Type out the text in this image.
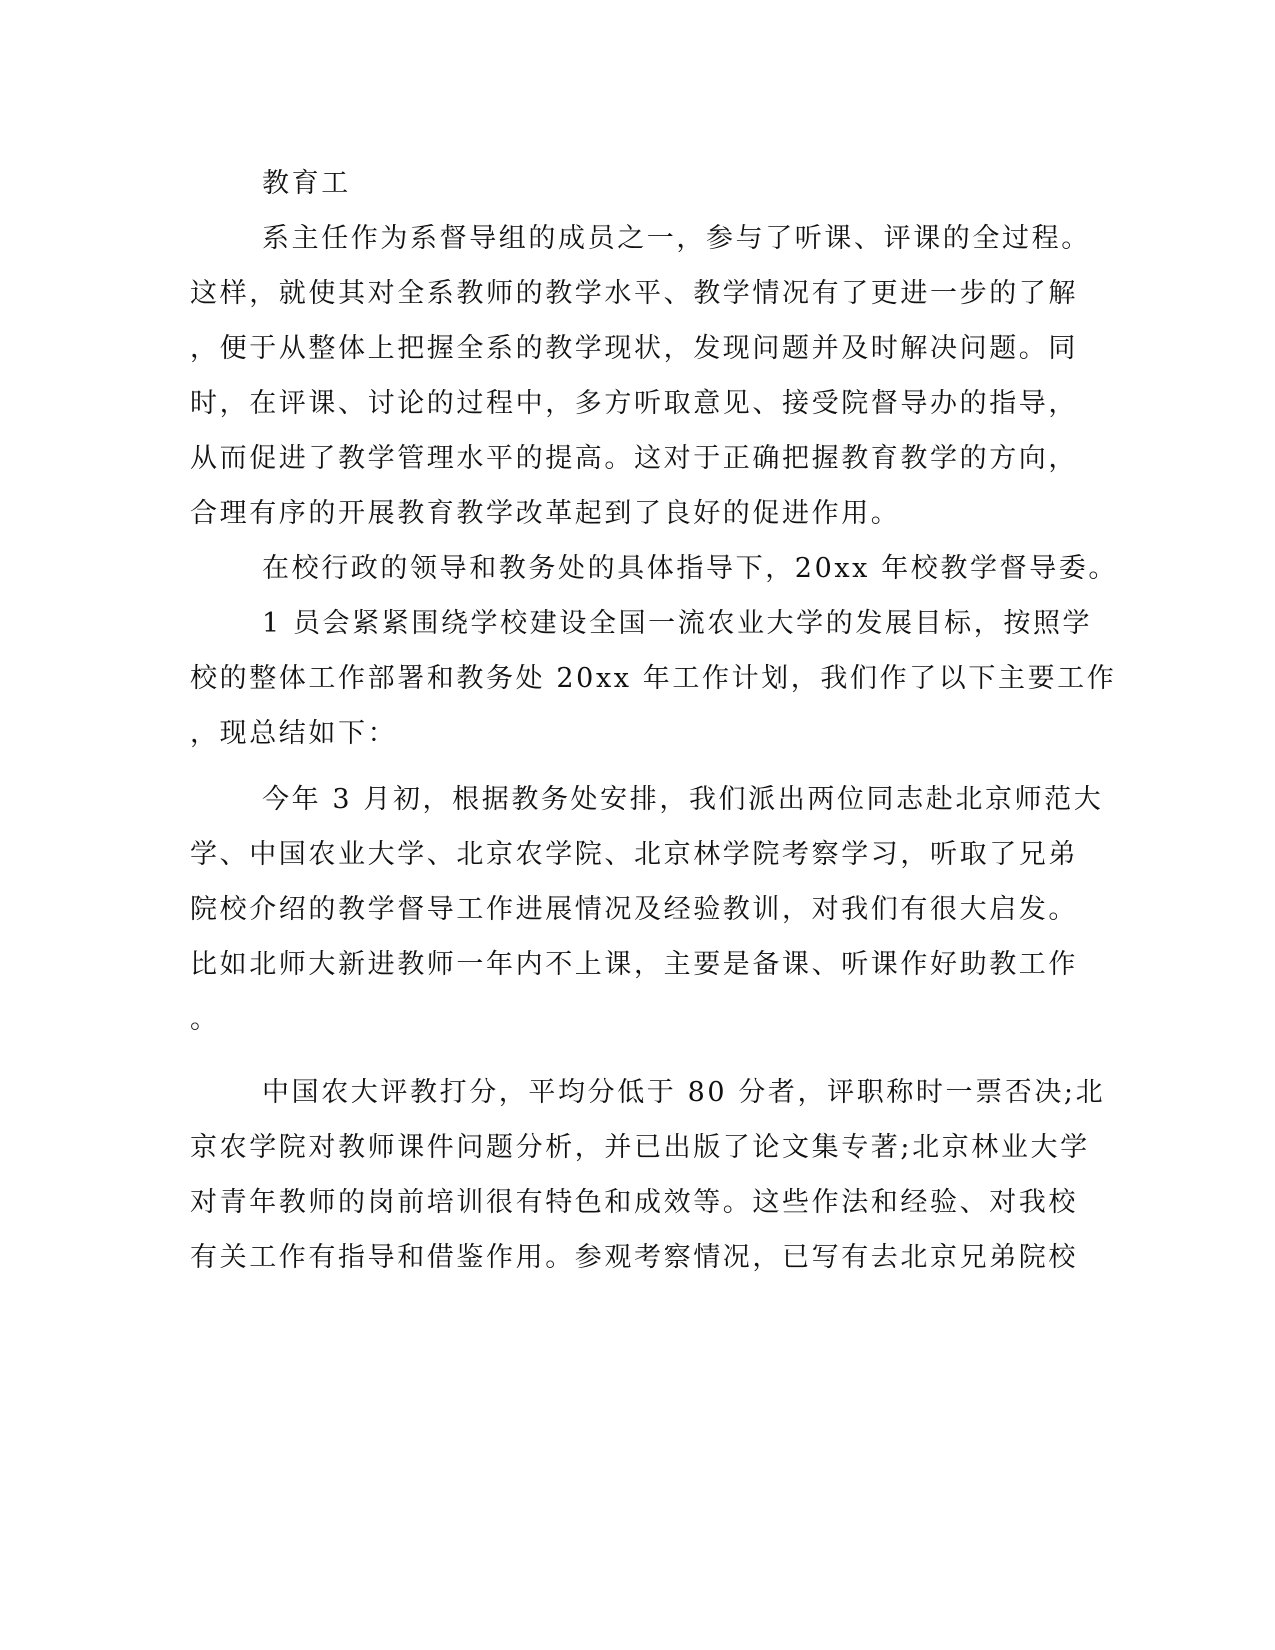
教育工
系主任作为系督导组的成员之一，参与了听课、评课的全过程。
这样，就使其对全系教师的教学水平、教学情况有了更进一步的了解
，便于从整体上把握全系的教学现状，发现问题并及时解决问题。同
时，在评课、讨论的过程中，多方听取意见、接受院督导办的指导，
从而促进了教学管理水平的提高。这对于正确把握教育教学的方向，
合理有序的开展教育教学改革起到了良好的促进作用。
在校行政的领导和教务处的具体指导下，20xx 年校教学督导委。
1 员会紧紧围绕学校建设全国一流农业大学的发展目标，按照学
校的整体工作部署和教务处 20xx 年工作计划，我们作了以下主要工作
，现总结如下：
今年 3 月初，根据教务处安排，我们派出两位同志赴北京师范大
学、中国农业大学、北京农学院、北京林学院考察学习，听取了兄弟
院校介绍的教学督导工作进展情况及经验教训，对我们有很大启发。
比如北师大新进教师一年内不上课，主要是备课、听课作好助教工作
。
中国农大评教打分，平均分低于 80 分者，评职称时一票否决;北
京农学院对教师课件问题分析，并已出版了论文集专著;北京林业大学
对青年教师的岗前培训很有特色和成效等。这些作法和经验、对我校
有关工作有指导和借鉴作用。参观考察情况，已写有去北京兄弟院校
